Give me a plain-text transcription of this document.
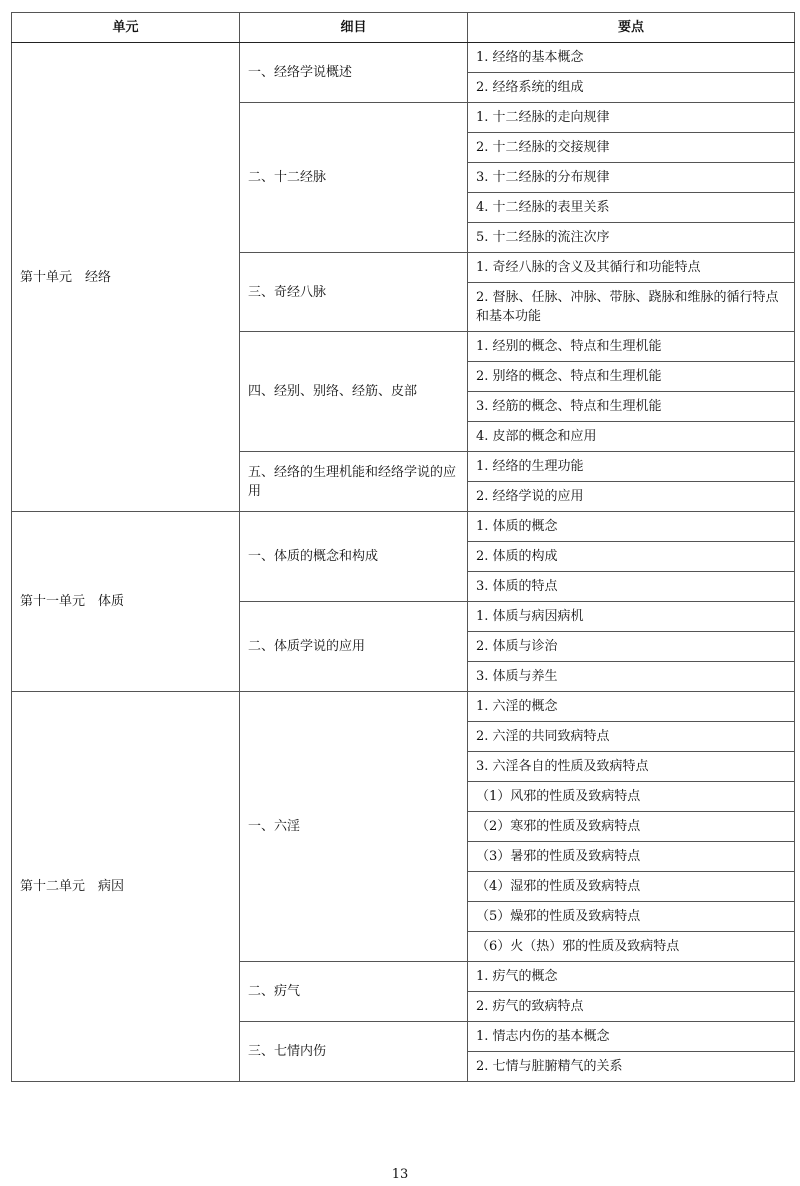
单元	细目	要点
第十单元　经络	一、经络学说概述	1. 经络的基本概念
		2. 经络系统的组成
	二、十二经脉	1. 十二经脉的走向规律
		2. 十二经脉的交接规律
		3. 十二经脉的分布规律
		4. 十二经脉的表里关系
		5. 十二经脉的流注次序
	三、奇经八脉	1. 奇经八脉的含义及其循行和功能特点
		2. 督脉、任脉、冲脉、带脉、跷脉和维脉的循行特点和基本功能
	四、经别、别络、经筋、皮部	1. 经别的概念、特点和生理机能
		2. 别络的概念、特点和生理机能
		3. 经筋的概念、特点和生理机能
		4. 皮部的概念和应用
	五、经络的生理机能和经络学说的应用	1. 经络的生理功能
		2. 经络学说的应用
第十一单元　体质	一、体质的概念和构成	1. 体质的概念
		2. 体质的构成
		3. 体质的特点
	二、体质学说的应用	1. 体质与病因病机
		2. 体质与诊治
		3. 体质与养生
第十二单元　病因	一、六淫	1. 六淫的概念
		2. 六淫的共同致病特点
		3. 六淫各自的性质及致病特点
		（1）风邪的性质及致病特点
		（2）寒邪的性质及致病特点
		（3）暑邪的性质及致病特点
		（4）湿邪的性质及致病特点
		（5）燥邪的性质及致病特点
		（6）火（热）邪的性质及致病特点
	二、疠气	1. 疠气的概念
		2. 疠气的致病特点
	三、七情内伤	1. 情志内伤的基本概念
		2. 七情与脏腑精气的关系
13
